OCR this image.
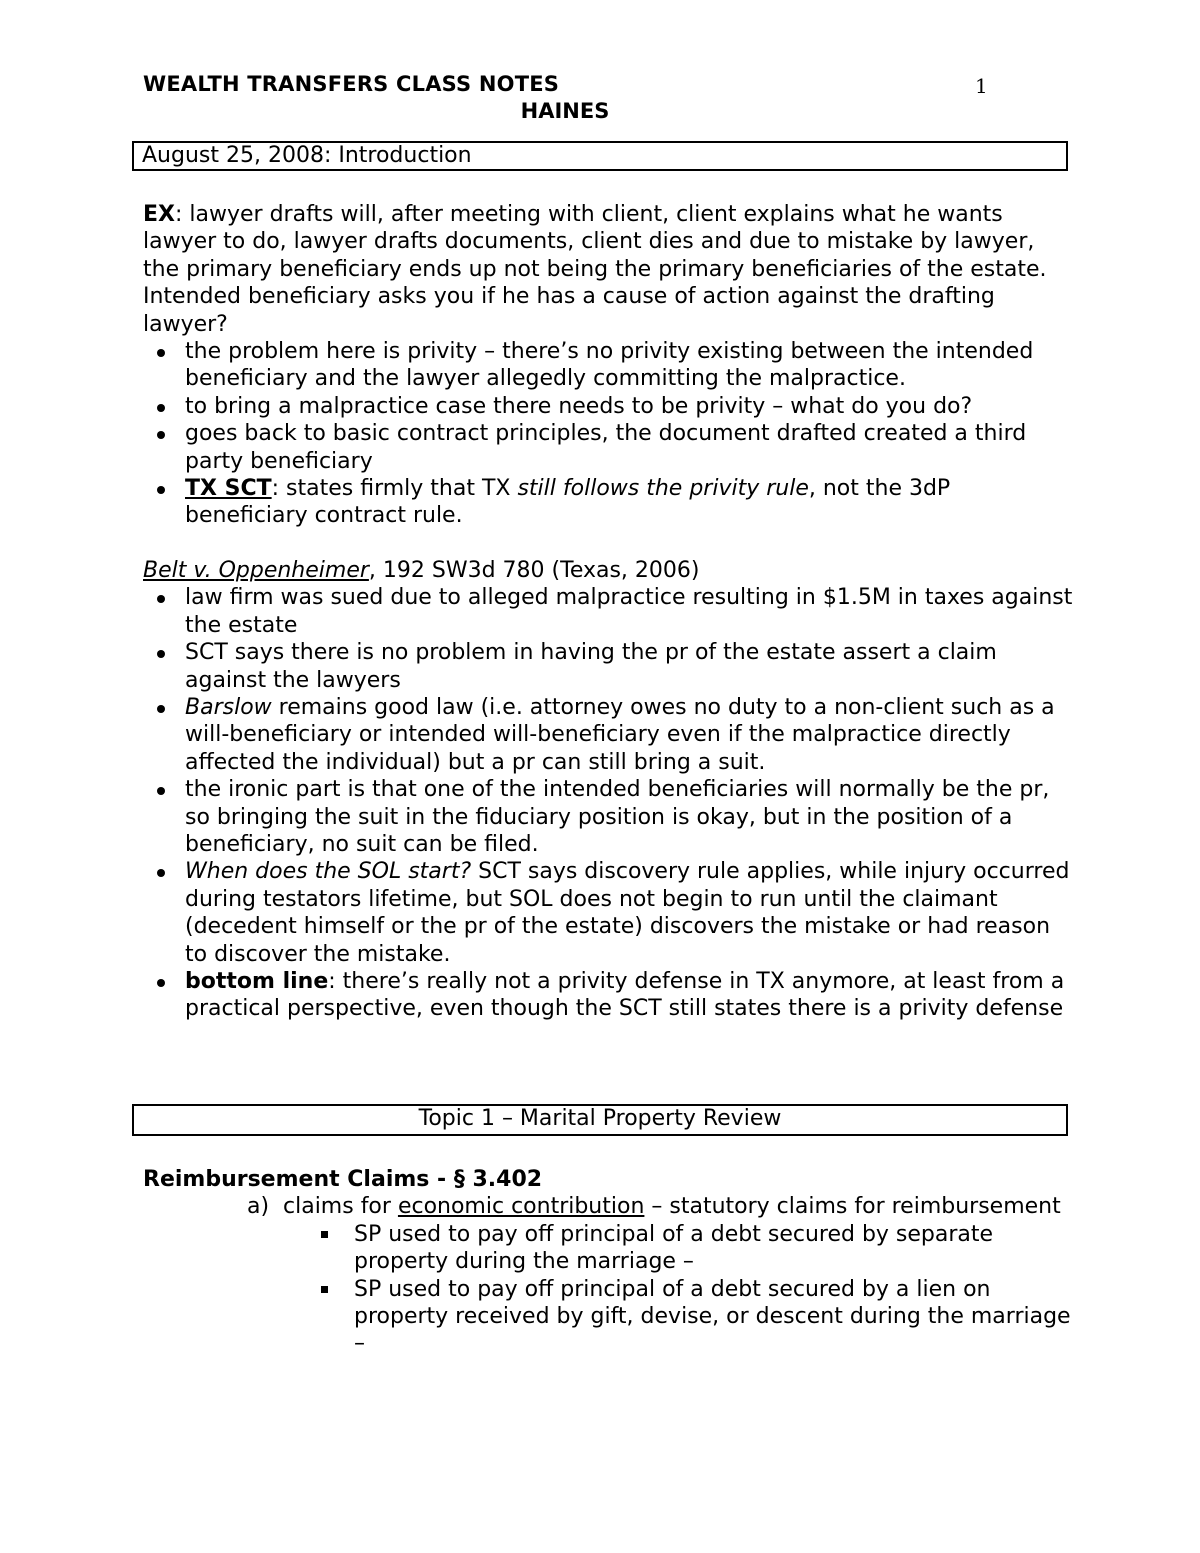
WEALTH TRANSFERS CLASS NOTES	1
HAINES
August 25, 2008: Introduction

EX: lawyer drafts will, after meeting with client, client explains what he wants lawyer to do, lawyer drafts documents, client dies and due to mistake by lawyer, the primary beneficiary ends up not being the primary beneficiaries of the estate. Intended beneficiary asks you if he has a cause of action against the drafting lawyer?

the problem here is privity – there’s no privity existing between the intended beneficiary and the lawyer allegedly committing the malpractice.
to bring a malpractice case there needs to be privity – what do you do?
goes back to basic contract principles, the document drafted created a third party beneficiary
TX SCT: states firmly that TX still follows the privity rule, not the 3dP beneficiary contract rule.

Belt v. Oppenheimer, 192 SW3d 780 (Texas, 2006)

law firm was sued due to alleged malpractice resulting in $1.5M in taxes against the estate
SCT says there is no problem in having the pr of the estate assert a claim against the lawyers
Barslow remains good law (i.e. attorney owes no duty to a non-client such as a will-beneficiary or intended will-beneficiary even if the malpractice directly affected the individual) but a pr can still bring a suit.
the ironic part is that one of the intended beneficiaries will normally be the pr, so bringing the suit in the fiduciary position is okay, but in the position of a beneficiary, no suit can be filed.
When does the SOL start? SCT says discovery rule applies, while injury occurred during testators lifetime, but SOL does not begin to run until the claimant (decedent himself or the pr of the estate) discovers the mistake or had reason to discover the mistake.
bottom line: there’s really not a privity defense in TX anymore, at least from a practical perspective, even though the SCT still states there is a privity defense
Topic 1 – Marital Property Review

Reimbursement Claims - § 3.402

a) claims for economic contribution – statutory claims for reimbursement
SP used to pay off principal of a debt secured by separate property during the marriage –
SP used to pay off principal of a debt secured by a lien on property received by gift, devise, or descent during the marriage –
